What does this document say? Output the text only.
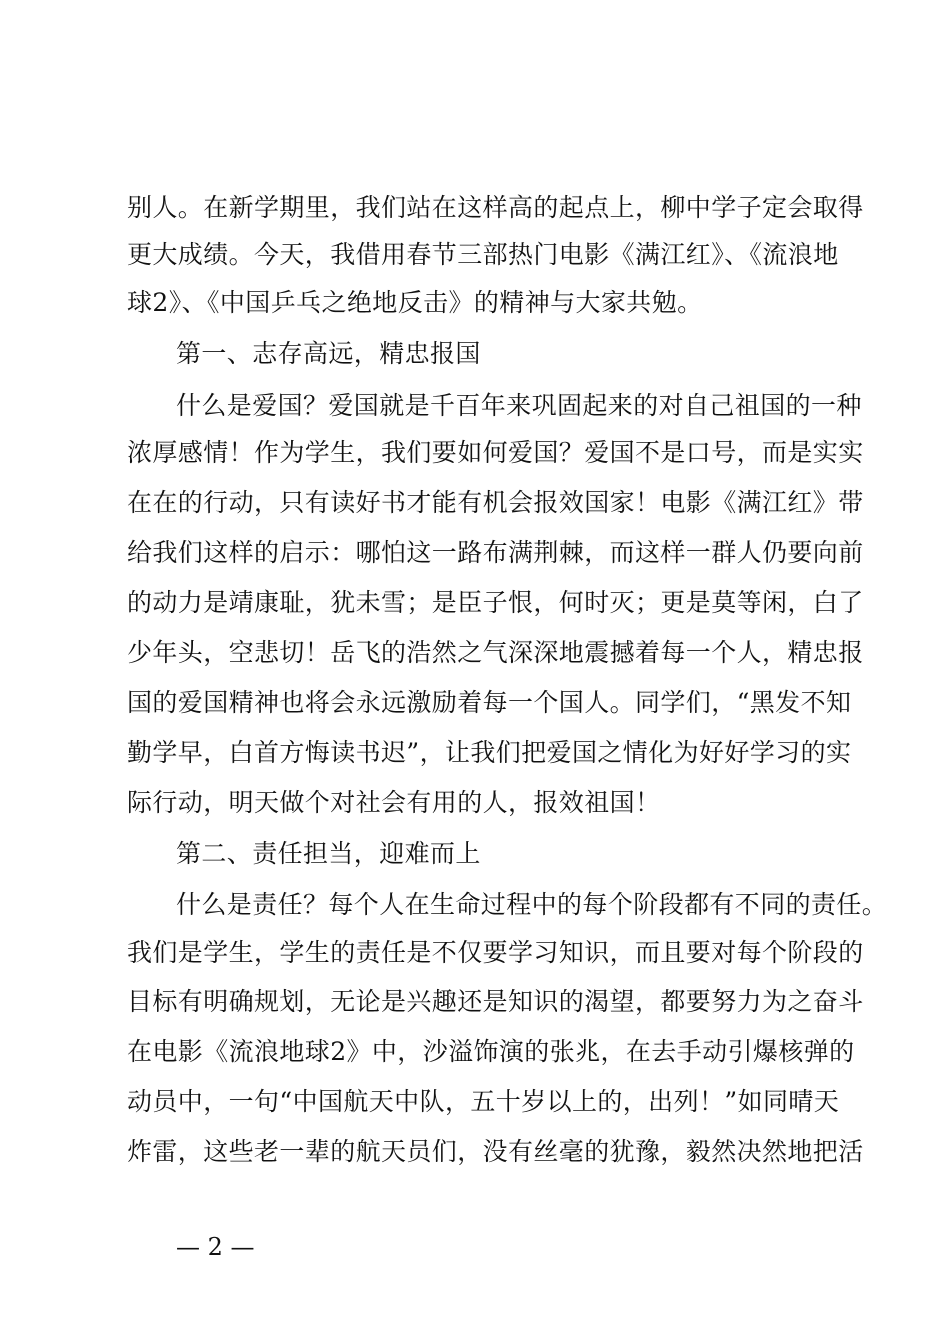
别人。在新学期里，我们站在这样高的起点上，柳中学子定会取得
更大成绩。今天，我借用春节三部热门电影《满江红》、《流浪地
球2》、《中国乒乓之绝地反击》的精神与大家共勉。
第一、志存高远，精忠报国
什么是爱国？爱国就是千百年来巩固起来的对自己祖国的一种
浓厚感情！作为学生，我们要如何爱国？爱国不是口号，而是实实
在在的行动，只有读好书才能有机会报效国家！电影《满江红》带
给我们这样的启示：哪怕这一路布满荆棘，而这样一群人仍要向前
的动力是靖康耻，犹未雪；是臣子恨，何时灭；更是莫等闲，白了
少年头，空悲切！岳飞的浩然之气深深地震撼着每一个人，精忠报
国的爱国精神也将会永远激励着每一个国人。同学们，“黑发不知
勤学早，白首方悔读书迟”，让我们把爱国之情化为好好学习的实
际行动，明天做个对社会有用的人，报效祖国！
第二、责任担当，迎难而上
什么是责任？每个人在生命过程中的每个阶段都有不同的责任。
我们是学生，学生的责任是不仅要学习知识，而且要对每个阶段的
目标有明确规划，无论是兴趣还是知识的渴望，都要努力为之奋斗
在电影《流浪地球2》中，沙溢饰演的张兆，在去手动引爆核弹的
动员中，一句“中国航天中队，五十岁以上的，出列！”如同晴天
炸雷，这些老一辈的航天员们，没有丝毫的犹豫，毅然决然地把活
— 2 —
